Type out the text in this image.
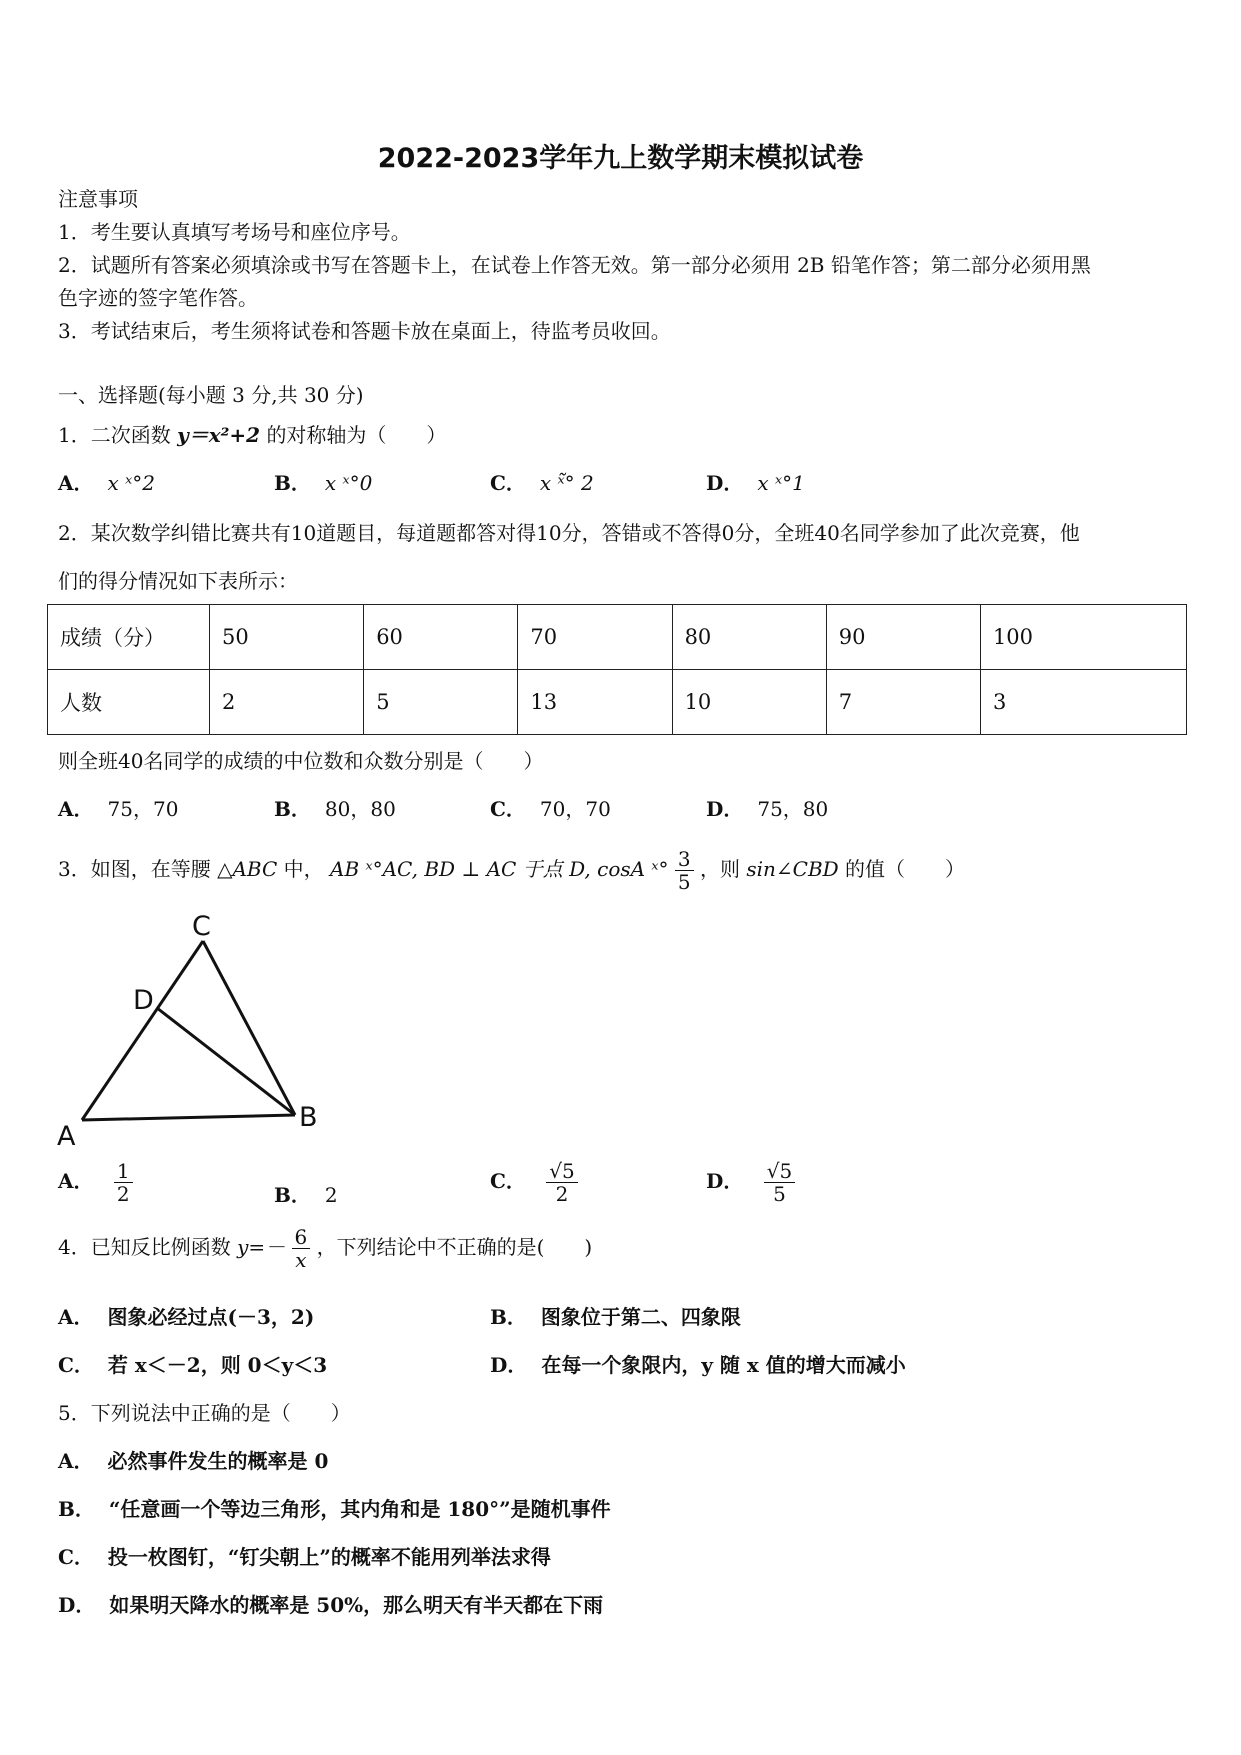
2022-2023学年九上数学期末模拟试卷
注意事项
1．考生要认真填写考场号和座位序号。
2．试题所有答案必须填涂或书写在答题卡上，在试卷上作答无效。第一部分必须用 2B 铅笔作答；第二部分必须用黑
色字迹的签字笔作答。
3．考试结束后，考生须将试卷和答题卡放在桌面上，待监考员收回。
一、选择题(每小题 3 分,共 30 分)
1．二次函数 y＝x²+2 的对称轴为（　　）
A． x ˣ°2	B． x ˣ°0	C． x ˣ̃° 2	D． x ˣ°1
2．某次数学纠错比赛共有10道题目，每道题都答对得10分，答错或不答得0分，全班40名同学参加了此次竞赛，他
们的得分情况如下表所示：
成绩（分）	50	60	70	80	90	100
人数	2	5	13	10	7	3
则全班40名同学的成绩的中位数和众数分别是（　　）
A． 75，70	B． 80，80	C． 70，70	D． 75，80
3．如图，在等腰 △ABC 中， AB ˣ°AC, BD ⊥ AC 于点 D, cosA ˣ° $\frac{3}{5}$ ，则 sin∠CBD 的值（　　）
C
D
A
B
A． $\frac{1}{2}$	B． 2
C． $\frac{√5}{2}$	D． $\frac{√5}{5}$
4．已知反比例函数 $y=- \frac{6}{x}$ ，下列结论中不正确的是(　　)
A． 图象必经过点(－3，2)	B． 图象位于第二、四象限
C． 若 x＜－2，则 0＜y＜3	D． 在每一个象限内，y 随 x 值的增大而减小
5．下列说法中正确的是（　　）
A． 必然事件发生的概率是 0
B． “任意画一个等边三角形，其内角和是 180°”是随机事件
C． 投一枚图钉，“钉尖朝上”的概率不能用列举法求得
D． 如果明天降水的概率是 50%，那么明天有半天都在下雨
